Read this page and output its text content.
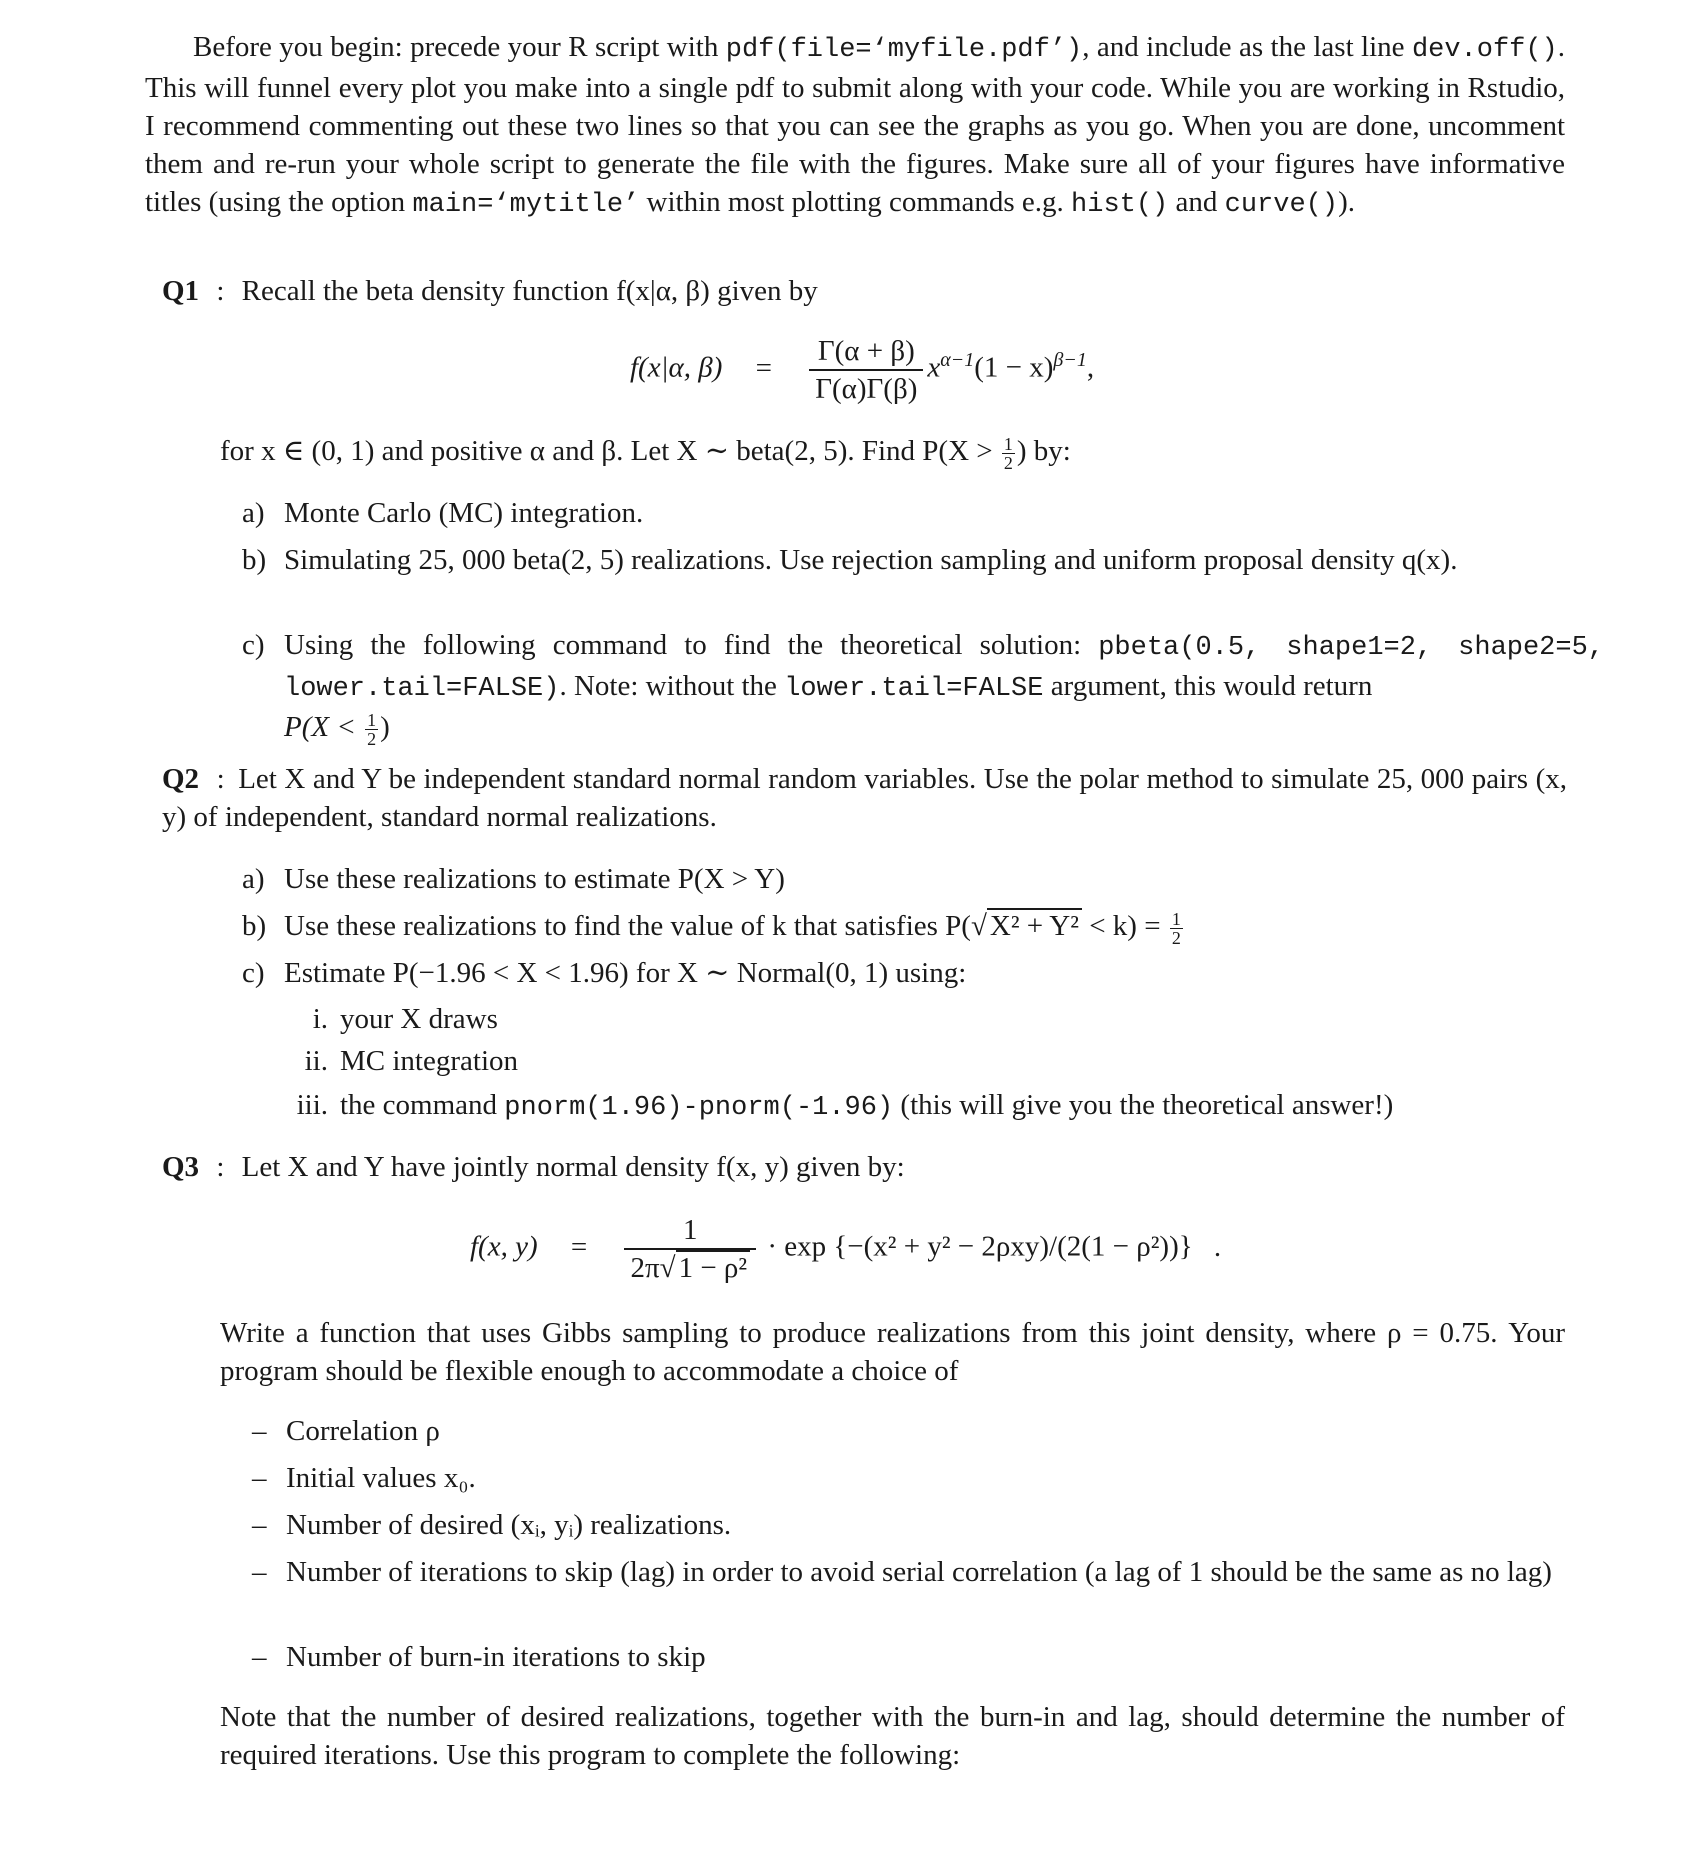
Before you begin: precede your R script with pdf(file=‘myfile.pdf’), and include as the last line dev.off(). This will funnel every plot you make into a single pdf to submit along with your code. While you are working in Rstudio, I recommend commenting out these two lines so that you can see the graphs as you go. When you are done, uncomment them and re-run your whole script to generate the file with the figures. Make sure all of your figures have informative titles (using the option main=‘mytitle’ within most plotting commands e.g. hist() and curve()).
Q1 : Recall the beta density function f(x|α, β) given by
f(x|α, $\beta) = \frac{\Gamma(\alpha + \beta)}{\Gamma(\alpha)\Gamma(\beta)} x^{\alpha-1}(1 - x)^{\beta-1}$,
for x ∈ (0, 1) and positive α and β. Let X ∼ beta(2, 5). Find $P(X > \frac{1}{2}$ ) by:
a) Monte Carlo (MC) integration.
b) Simulating 25, 000 beta(2, 5) realizations. Use rejection sampling and uniform proposal density q(x).
c) Using the following command to find the theoretical solution: pbeta(0.5, shape1=2, shape2=5, lower.tail=FALSE). Note: without the lower.tail=FALSE argument, this would return
$P(X < \frac{1}{2}$ )
Q2 : Let X and Y be independent standard normal random variables. Use the polar method to simulate 25, 000 pairs (x, y) of independent, standard normal realizations.
a) Use these realizations to estimate P(X > Y)
b) Use these realizations to find the value of k that satisfies P(√ $X^2 + Y^2 < k) = \frac{1}{2}$
c) Estimate P(−1.96 < X < 1.96) for X ∼ Normal(0, 1) using:
i. your X draws
ii. MC integration
iii. the command pnorm(1.96)-pnorm(-1.96) (this will give you the theoretical answer!)
Q3 : Let X and Y have jointly normal density f(x, y) given by:
f(x, $y) = \frac{1}{\text{2π√ 1 − ρ²}} \cdot \exp \{-(x^2 + y^2 - 2\rho xy)/(2(1 - \rho^2))\}$ .
Write a function that uses Gibbs sampling to produce realizations from this joint density, where ρ = 0.75. Your program should be flexible enough to accommodate a choice of
– Correlation ρ
– Initial values x₀.
– Number of desired (xᵢ, yᵢ) realizations.
– Number of iterations to skip (lag) in order to avoid serial correlation (a lag of 1 should be the same as no lag)
– Number of burn-in iterations to skip
Note that the number of desired realizations, together with the burn-in and lag, should determine the number of required iterations. Use this program to complete the following:
